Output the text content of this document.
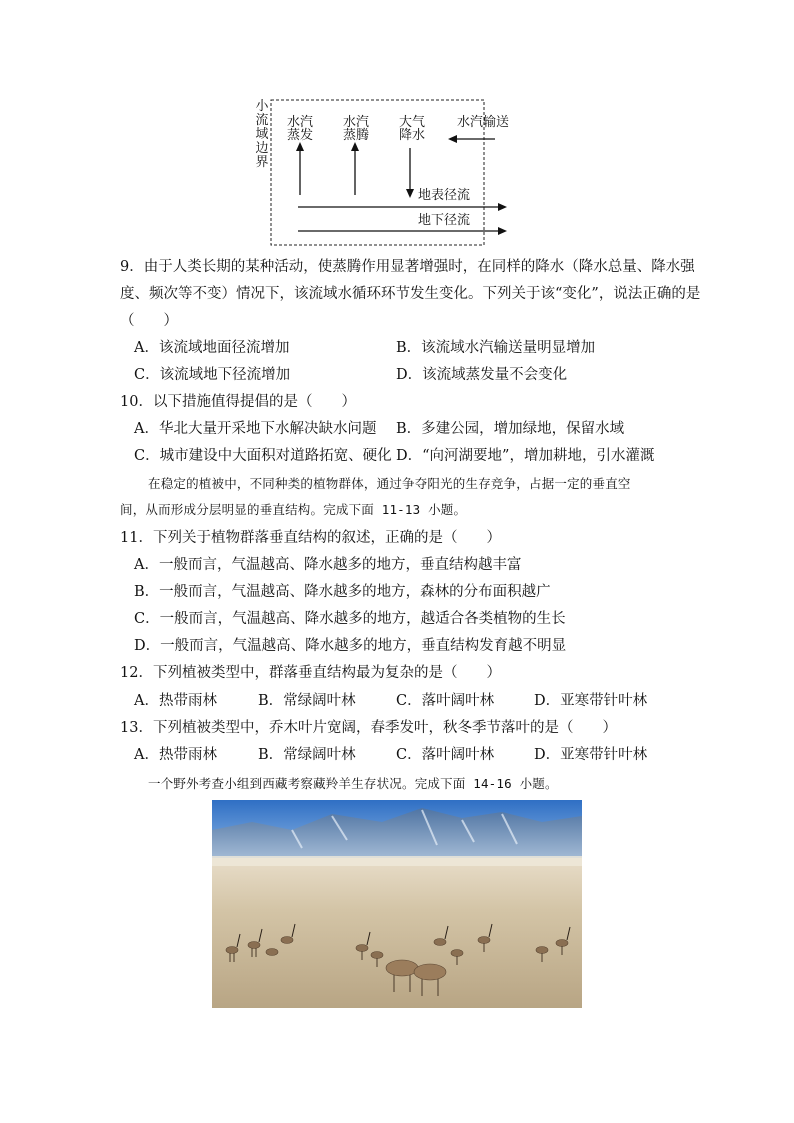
小流域边界
水汽
蒸发
水汽
蒸腾
大气
降水
水汽输送
地表径流
地下径流
9．由于人类长期的某种活动，使蒸腾作用显著增强时，在同样的降水（降水总量、降水强
度、频次等不变）情况下，该流域水循环环节发生变化。下列关于该“变化”，说法正确的是
（　　）
A．该流域地面径流增加	B．该流域水汽输送量明显增加
C．该流域地下径流增加	D．该流域蒸发量不会变化
10．以下措施值得提倡的是（　　）
A．华北大量开采地下水解决缺水问题 B．多建公园，增加绿地，保留水域
C．城市建设中大面积对道路拓宽、硬化 D．“向河湖要地”，增加耕地，引水灌溉
在稳定的植被中，不同种类的植物群体，通过争夺阳光的生存竞争，占据一定的垂直空
间，从而形成分层明显的垂直结构。完成下面 11-13 小题。
11．下列关于植物群落垂直结构的叙述，正确的是（　　）
A．一般而言，气温越高、降水越多的地方，垂直结构越丰富
B．一般而言，气温越高、降水越多的地方，森林的分布面积越广
C．一般而言，气温越高、降水越多的地方，越适合各类植物的生长
D．一般而言，气温越高、降水越多的地方，垂直结构发育越不明显
12．下列植被类型中，群落垂直结构最为复杂的是（　　）
A．热带雨林	B．常绿阔叶林	C．落叶阔叶林	D．亚寒带针叶林
13．下列植被类型中，乔木叶片宽阔，春季发叶，秋冬季节落叶的是（　　）
A．热带雨林	B．常绿阔叶林	C．落叶阔叶林	D．亚寒带针叶林
一个野外考查小组到西藏考察藏羚羊生存状况。完成下面 14-16 小题。
